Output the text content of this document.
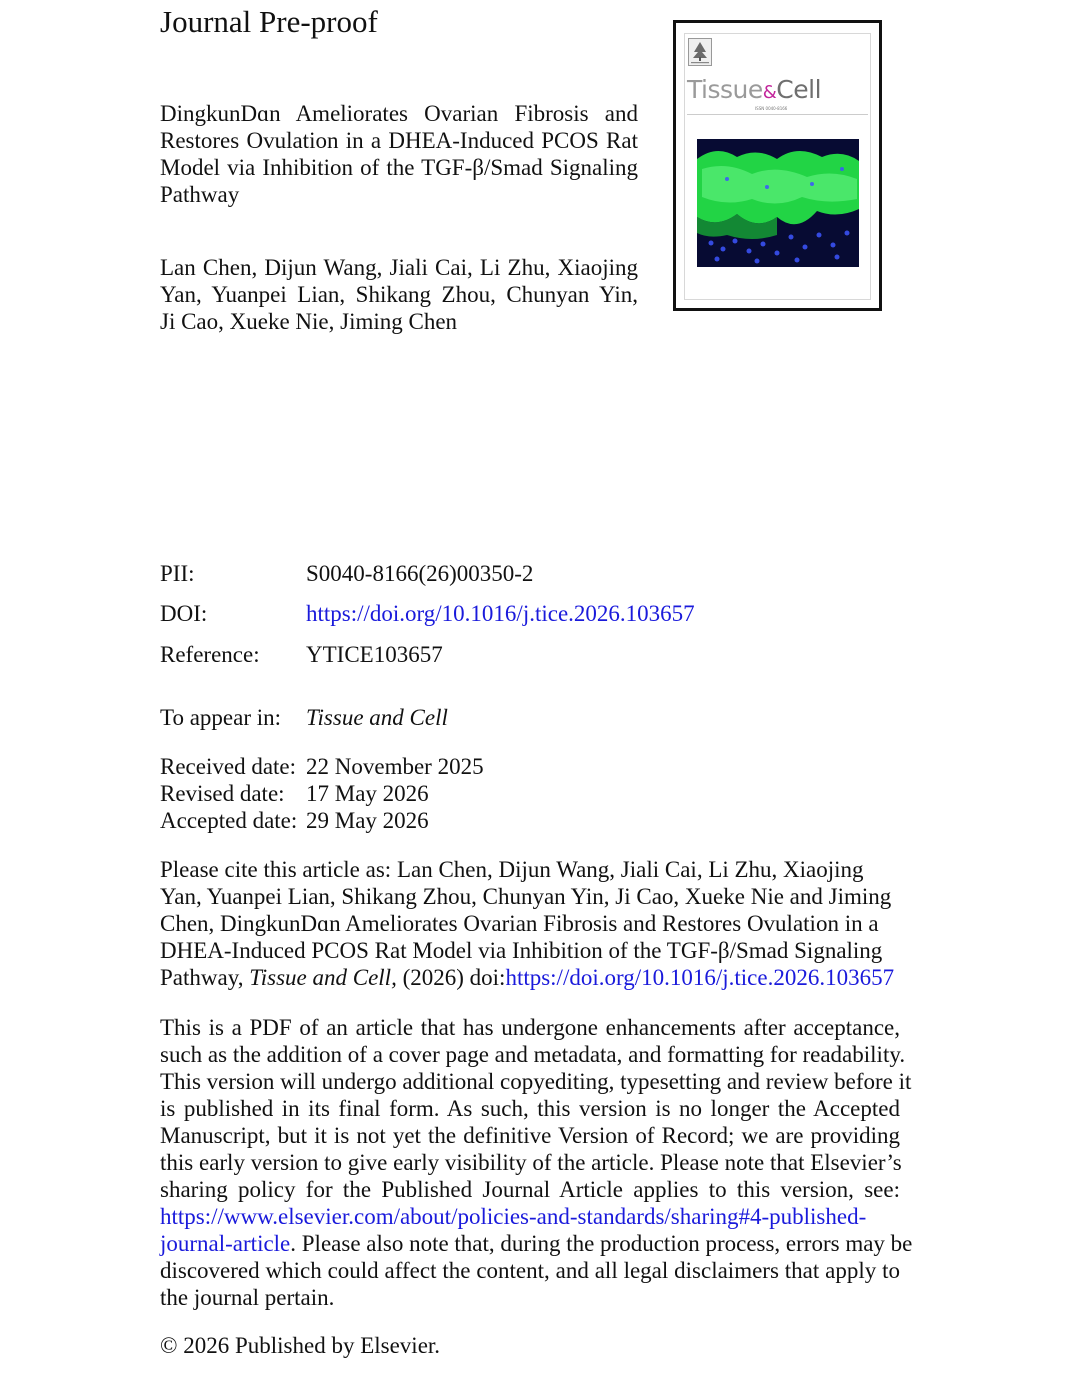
Journal Pre-proof
DingkunDɑn Ameliorates Ovarian Fibrosis and
Restores Ovulation in a DHEA-Induced PCOS Rat
Model via Inhibition of the TGF-β/Smad Signaling
Pathway
Lan Chen, Dijun Wang, Jiali Cai, Li Zhu, Xiaojing
Yan, Yuanpei Lian, Shikang Zhou, Chunyan Yin,
Ji Cao, Xueke Nie, Jiming Chen
Tissue&Cell
ISSN 0040-8166
PII:	S0040-8166(26)00350-2
DOI:	https://doi.org/10.1016/j.tice.2026.103657
Reference: YTICE103657
To appear in: Tissue and Cell
Received date: 22 November 2025
Revised date: 17 May 2026
Accepted date: 29 May 2026
Please cite this article as: Lan Chen, Dijun Wang, Jiali Cai, Li Zhu, Xiaojing
Yan, Yuanpei Lian, Shikang Zhou, Chunyan Yin, Ji Cao, Xueke Nie and Jiming
Chen, DingkunDɑn Ameliorates Ovarian Fibrosis and Restores Ovulation in a
DHEA-Induced PCOS Rat Model via Inhibition of the TGF-β/Smad Signaling
Pathway, Tissue and Cell, (2026) doi:https://doi.org/10.1016/j.tice.2026.103657
This is a PDF of an article that has undergone enhancements after acceptance,
such as the addition of a cover page and metadata, and formatting for readability.
This version will undergo additional copyediting, typesetting and review before it
is published in its final form. As such, this version is no longer the Accepted
Manuscript, but it is not yet the definitive Version of Record; we are providing
this early version to give early visibility of the article. Please note that Elsevier’s
sharing policy for the Published Journal Article applies to this version, see:
https://www.elsevier.com/about/policies-and-standards/sharing#4-published-
journal-article. Please also note that, during the production process, errors may be
discovered which could affect the content, and all legal disclaimers that apply to
the journal pertain.
© 2026 Published by Elsevier.
